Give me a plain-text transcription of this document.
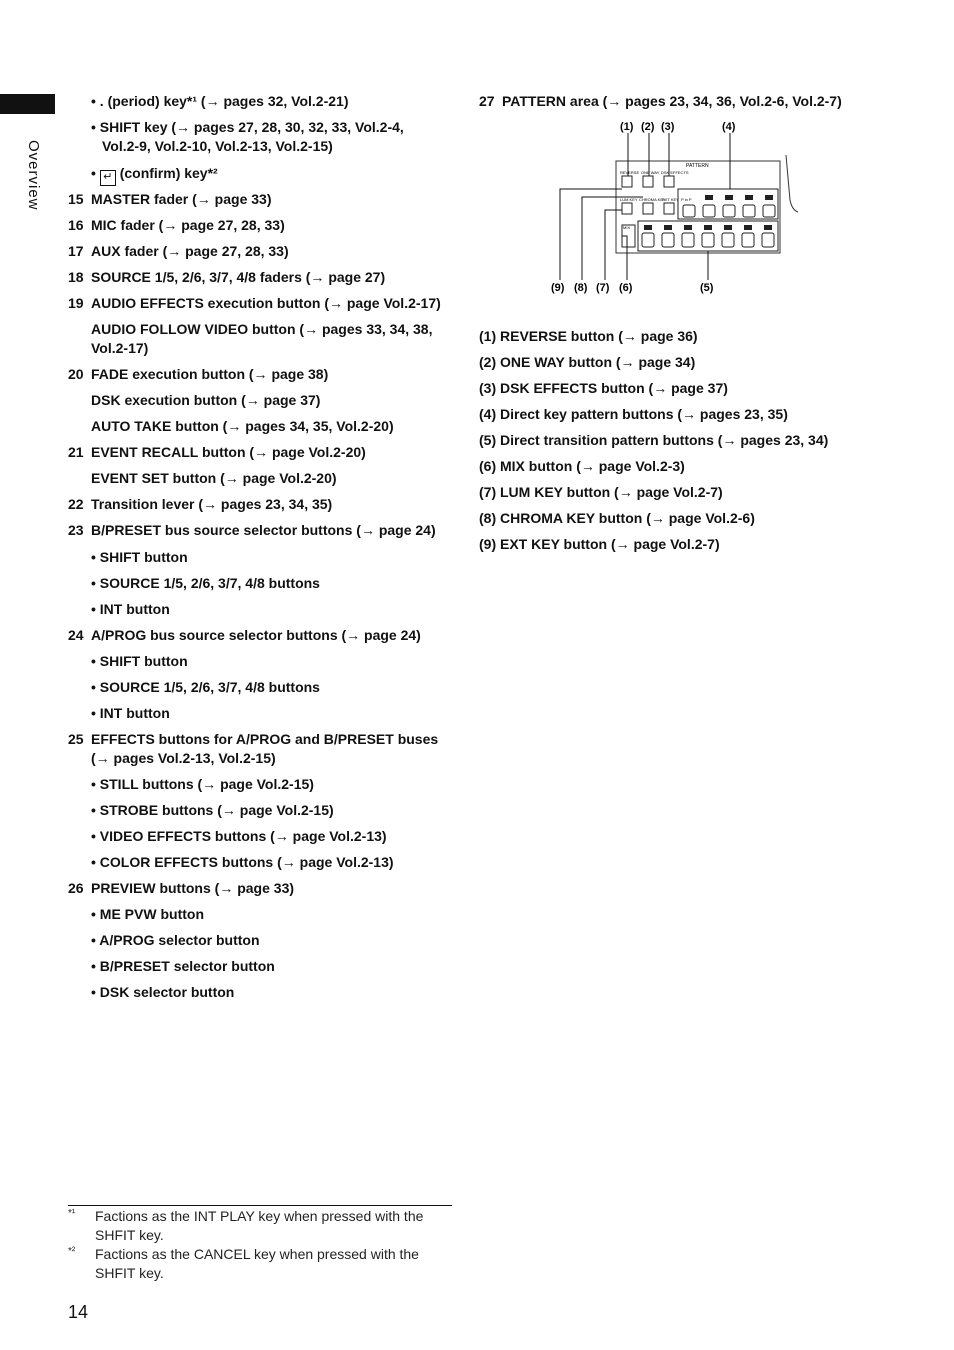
Overview
• . (period) key*¹ (→ pages 32, Vol.2-21)
• SHIFT key (→ pages 27, 28, 30, 32, 33, Vol.2-4,
Vol.2-9, Vol.2-10, Vol.2-13, Vol.2-15)
• ↵ (confirm) key*²
15 MASTER fader (→ page 33)
16 MIC fader (→ page 27, 28, 33)
17 AUX fader (→ page 27, 28, 33)
18 SOURCE 1/5, 2/6, 3/7, 4/8 faders (→ page 27)
19 AUDIO EFFECTS execution button (→ page Vol.2-17)
AUDIO FOLLOW VIDEO button (→ pages 33, 34, 38,
Vol.2-17)
20 FADE execution button (→ page 38)
DSK execution button (→ page 37)
AUTO TAKE button (→ pages 34, 35, Vol.2-20)
21 EVENT RECALL button (→ page Vol.2-20)
EVENT SET button (→ page Vol.2-20)
22 Transition lever (→ pages 23, 34, 35)
23 B/PRESET bus source selector buttons (→ page 24)
• SHIFT button
• SOURCE 1/5, 2/6, 3/7, 4/8 buttons
• INT button
24 A/PROG bus source selector buttons (→ page 24)
• SHIFT button
• SOURCE 1/5, 2/6, 3/7, 4/8 buttons
• INT button
25 EFFECTS buttons for A/PROG and B/PRESET buses
(→ pages Vol.2-13, Vol.2-15)
• STILL buttons (→ page Vol.2-15)
• STROBE buttons (→ page Vol.2-15)
• VIDEO EFFECTS buttons (→ page Vol.2-13)
• COLOR EFFECTS buttons (→ page Vol.2-13)
26 PREVIEW buttons (→ page 33)
• ME PVW button
• A/PROG selector button
• B/PRESET selector button
• DSK selector button
27 PATTERN area (→ pages 23, 34, 36, Vol.2-6, Vol.2-7)
(1) REVERSE button (→ page 36)
(2) ONE WAY button (→ page 34)
(3) DSK EFFECTS button (→ page 37)
(4) Direct key pattern buttons (→ pages 23, 35)
(5) Direct transition pattern buttons (→ pages 23, 34)
(6) MIX button (→ page Vol.2-3)
(7) LUM KEY button (→ page Vol.2-7)
(8) CHROMA KEY button (→ page Vol.2-6)
(9) EXT KEY button (→ page Vol.2-7)
PATTERN
REVERSE ONE WAY DSK EFFECTS
LUM KEY CHROMA KEY
EXT KEY
MIX
P in P
(1) (2) (3)	(4)
(9) (8) (7) (6)	(5)
*¹ Factions as the INT PLAY key when pressed with the
SHFIT key.
*² Factions as the CANCEL key when pressed with the
SHFIT key.
14
